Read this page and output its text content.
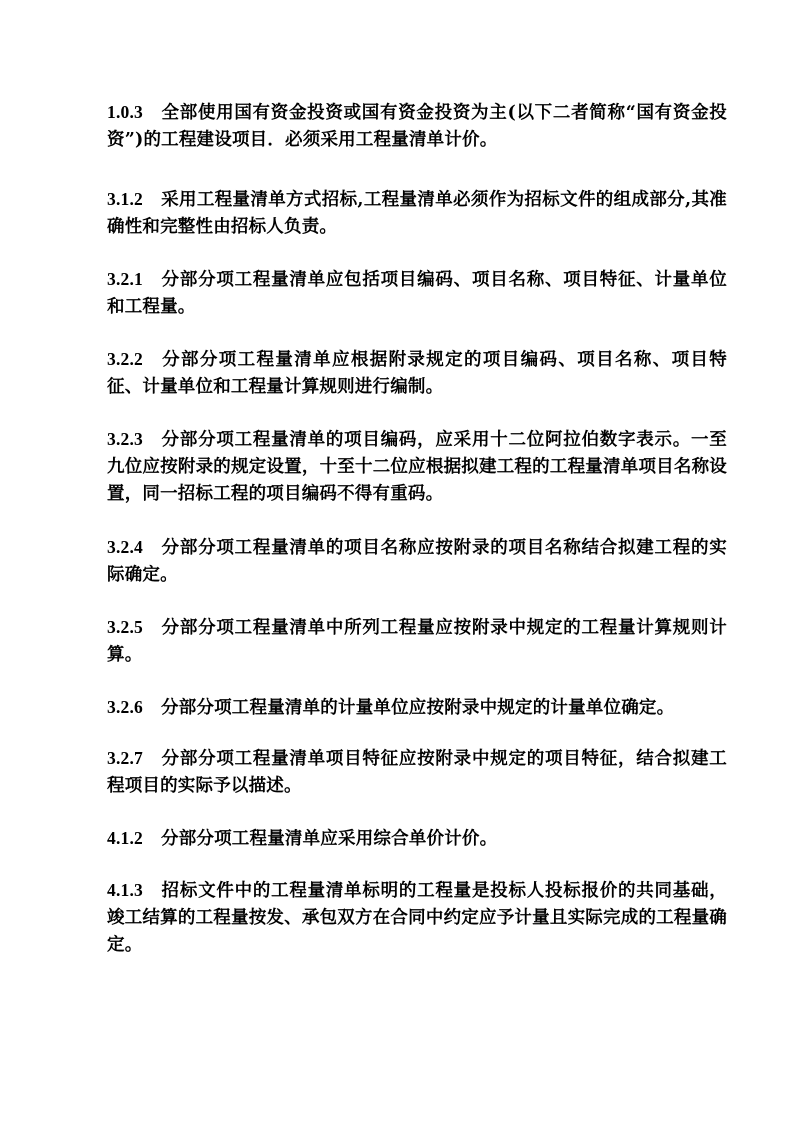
1.0.3 全部使用国有资金投资或国有资金投资为主(以下二者简称“国有资金投资”)的工程建设项目．必须采用工程量清单计价。

3.1.2 采用工程量清单方式招标,工程量清单必须作为招标文件的组成部分,其准确性和完整性由招标人负责。

3.2.1 分部分项工程量清单应包括项目编码、项目名称、项目特征、计量单位和工程量。

3.2.2 分部分项工程量清单应根据附录规定的项目编码、项目名称、项目特征、计量单位和工程量计算规则进行编制。

3.2.3 分部分项工程量清单的项目编码，应采用十二位阿拉伯数字表示。一至九位应按附录的规定设置，十至十二位应根据拟建工程的工程量清单项目名称设置，同一招标工程的项目编码不得有重码。

3.2.4 分部分项工程量清单的项目名称应按附录的项目名称结合拟建工程的实际确定。

3.2.5 分部分项工程量清单中所列工程量应按附录中规定的工程量计算规则计算。

3.2.6 分部分项工程量清单的计量单位应按附录中规定的计量单位确定。

3.2.7 分部分项工程量清单项目特征应按附录中规定的项目特征，结合拟建工程项目的实际予以描述。

4.1.2 分部分项工程量清单应采用综合单价计价。

4.1.3 招标文件中的工程量清单标明的工程量是投标人投标报价的共同基础，竣工结算的工程量按发、承包双方在合同中约定应予计量且实际完成的工程量确定。
